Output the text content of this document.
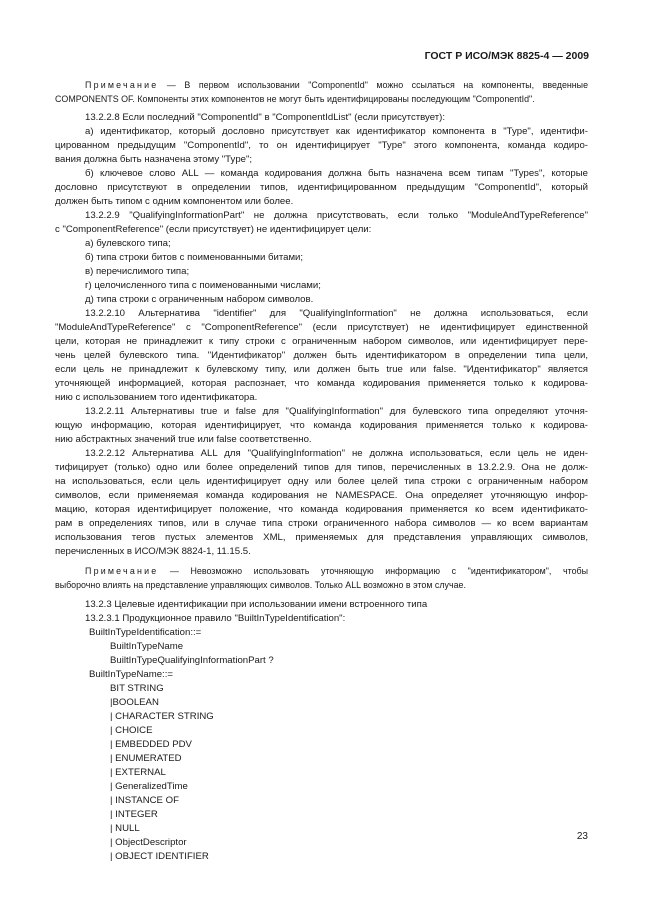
ГОСТ Р ИСО/МЭК 8825-4 — 2009
Примечание — В первом использовании "ComponentId" можно ссылаться на компоненты, введенные
COMPONENTS OF. Компоненты этих компонентов не могут быть идентифицированы последующим "ComponentId".
13.2.2.8 Если последний "ComponentId" в "ComponentIdList" (если присутствует):
а) идентификатор, который дословно присутствует как идентификатор компонента в "Type", идентифи-
цированном предыдущим "ComponentId", то он идентифицирует "Type" этого компонента, команда кодиро-
вания должна быть назначена этому "Type";
б) ключевое слово ALL — команда кодирования должна быть назначена всем типам "Types", которые
дословно присутствуют в определении типов, идентифицированном предыдущим "ComponentId", который
должен быть типом с одним компонентом или более.
13.2.2.9 "QualifyingInformationPart" не должна присутствовать, если только "ModuleAndTypeReference"
с "ComponentReference" (если присутствует) не идентифицирует цели:
а) булевского типа;
б) типа строки битов с поименованными битами;
в) перечислимого типа;
г) целочисленного типа с поименованными числами;
д) типа строки с ограниченным набором символов.
13.2.2.10 Альтернатива "identifier" для "QualifyingInformation" не должна использоваться, если
"ModuleAndTypeReference" с "ComponentReference" (если присутствует) не идентифицирует единственной
цели, которая не принадлежит к типу строки с ограниченным набором символов, или идентифицирует пере-
чень целей булевского типа. "Идентификатор" должен быть идентификатором в определении типа цели,
если цель не принадлежит к булевскому типу, или должен быть true или false. "Идентификатор" является
уточняющей информацией, которая распознает, что команда кодирования применяется только к кодирова-
нию с использованием того идентификатора.
13.2.2.11 Альтернативы true и false для "QualifyingInformation" для булевского типа определяют уточня-
ющую информацию, которая идентифицирует, что команда кодирования применяется только к кодирова-
нию абстрактных значений true или false соответственно.
13.2.2.12 Альтернатива ALL для "QualifyingInformation" не должна использоваться, если цель не иден-
тифицирует (только) одно или более определений типов для типов, перечисленных в 13.2.2.9. Она не долж-
на использоваться, если цель идентифицирует одну или более целей типа строки с ограниченным набором
символов, если применяемая команда кодирования не NAMESPACE. Она определяет уточняющую инфор-
мацию, которая идентифицирует положение, что команда кодирования применяется ко всем идентификато-
рам в определениях типов, или в случае типа строки ограниченного набора символов — ко всем вариантам
использования тегов пустых элементов XML, применяемых для представления управляющих символов,
перечисленных в ИСО/МЭК 8824-1, 11.15.5.
Примечание — Невозможно использовать уточняющую информацию с "идентификатором", чтобы
выборочно влиять на представление управляющих символов. Только ALL возможно в этом случае.
13.2.3 Целевые идентификации при использовании имени встроенного типа
13.2.3.1 Продукционное правило "BuiltInTypeIdentification":
BuiltInTypeIdentification::=
BuiltInTypeName
BuiltInTypeQualifyingInformationPart ?
BuiltInTypeName::=
BIT STRING
|BOOLEAN
| CHARACTER STRING
| CHOICE
| EMBEDDED PDV
| ENUMERATED
| EXTERNAL
| GeneralizedTime
| INSTANCE OF
| INTEGER
| NULL
| ObjectDescriptor
| OBJECT IDENTIFIER
23
